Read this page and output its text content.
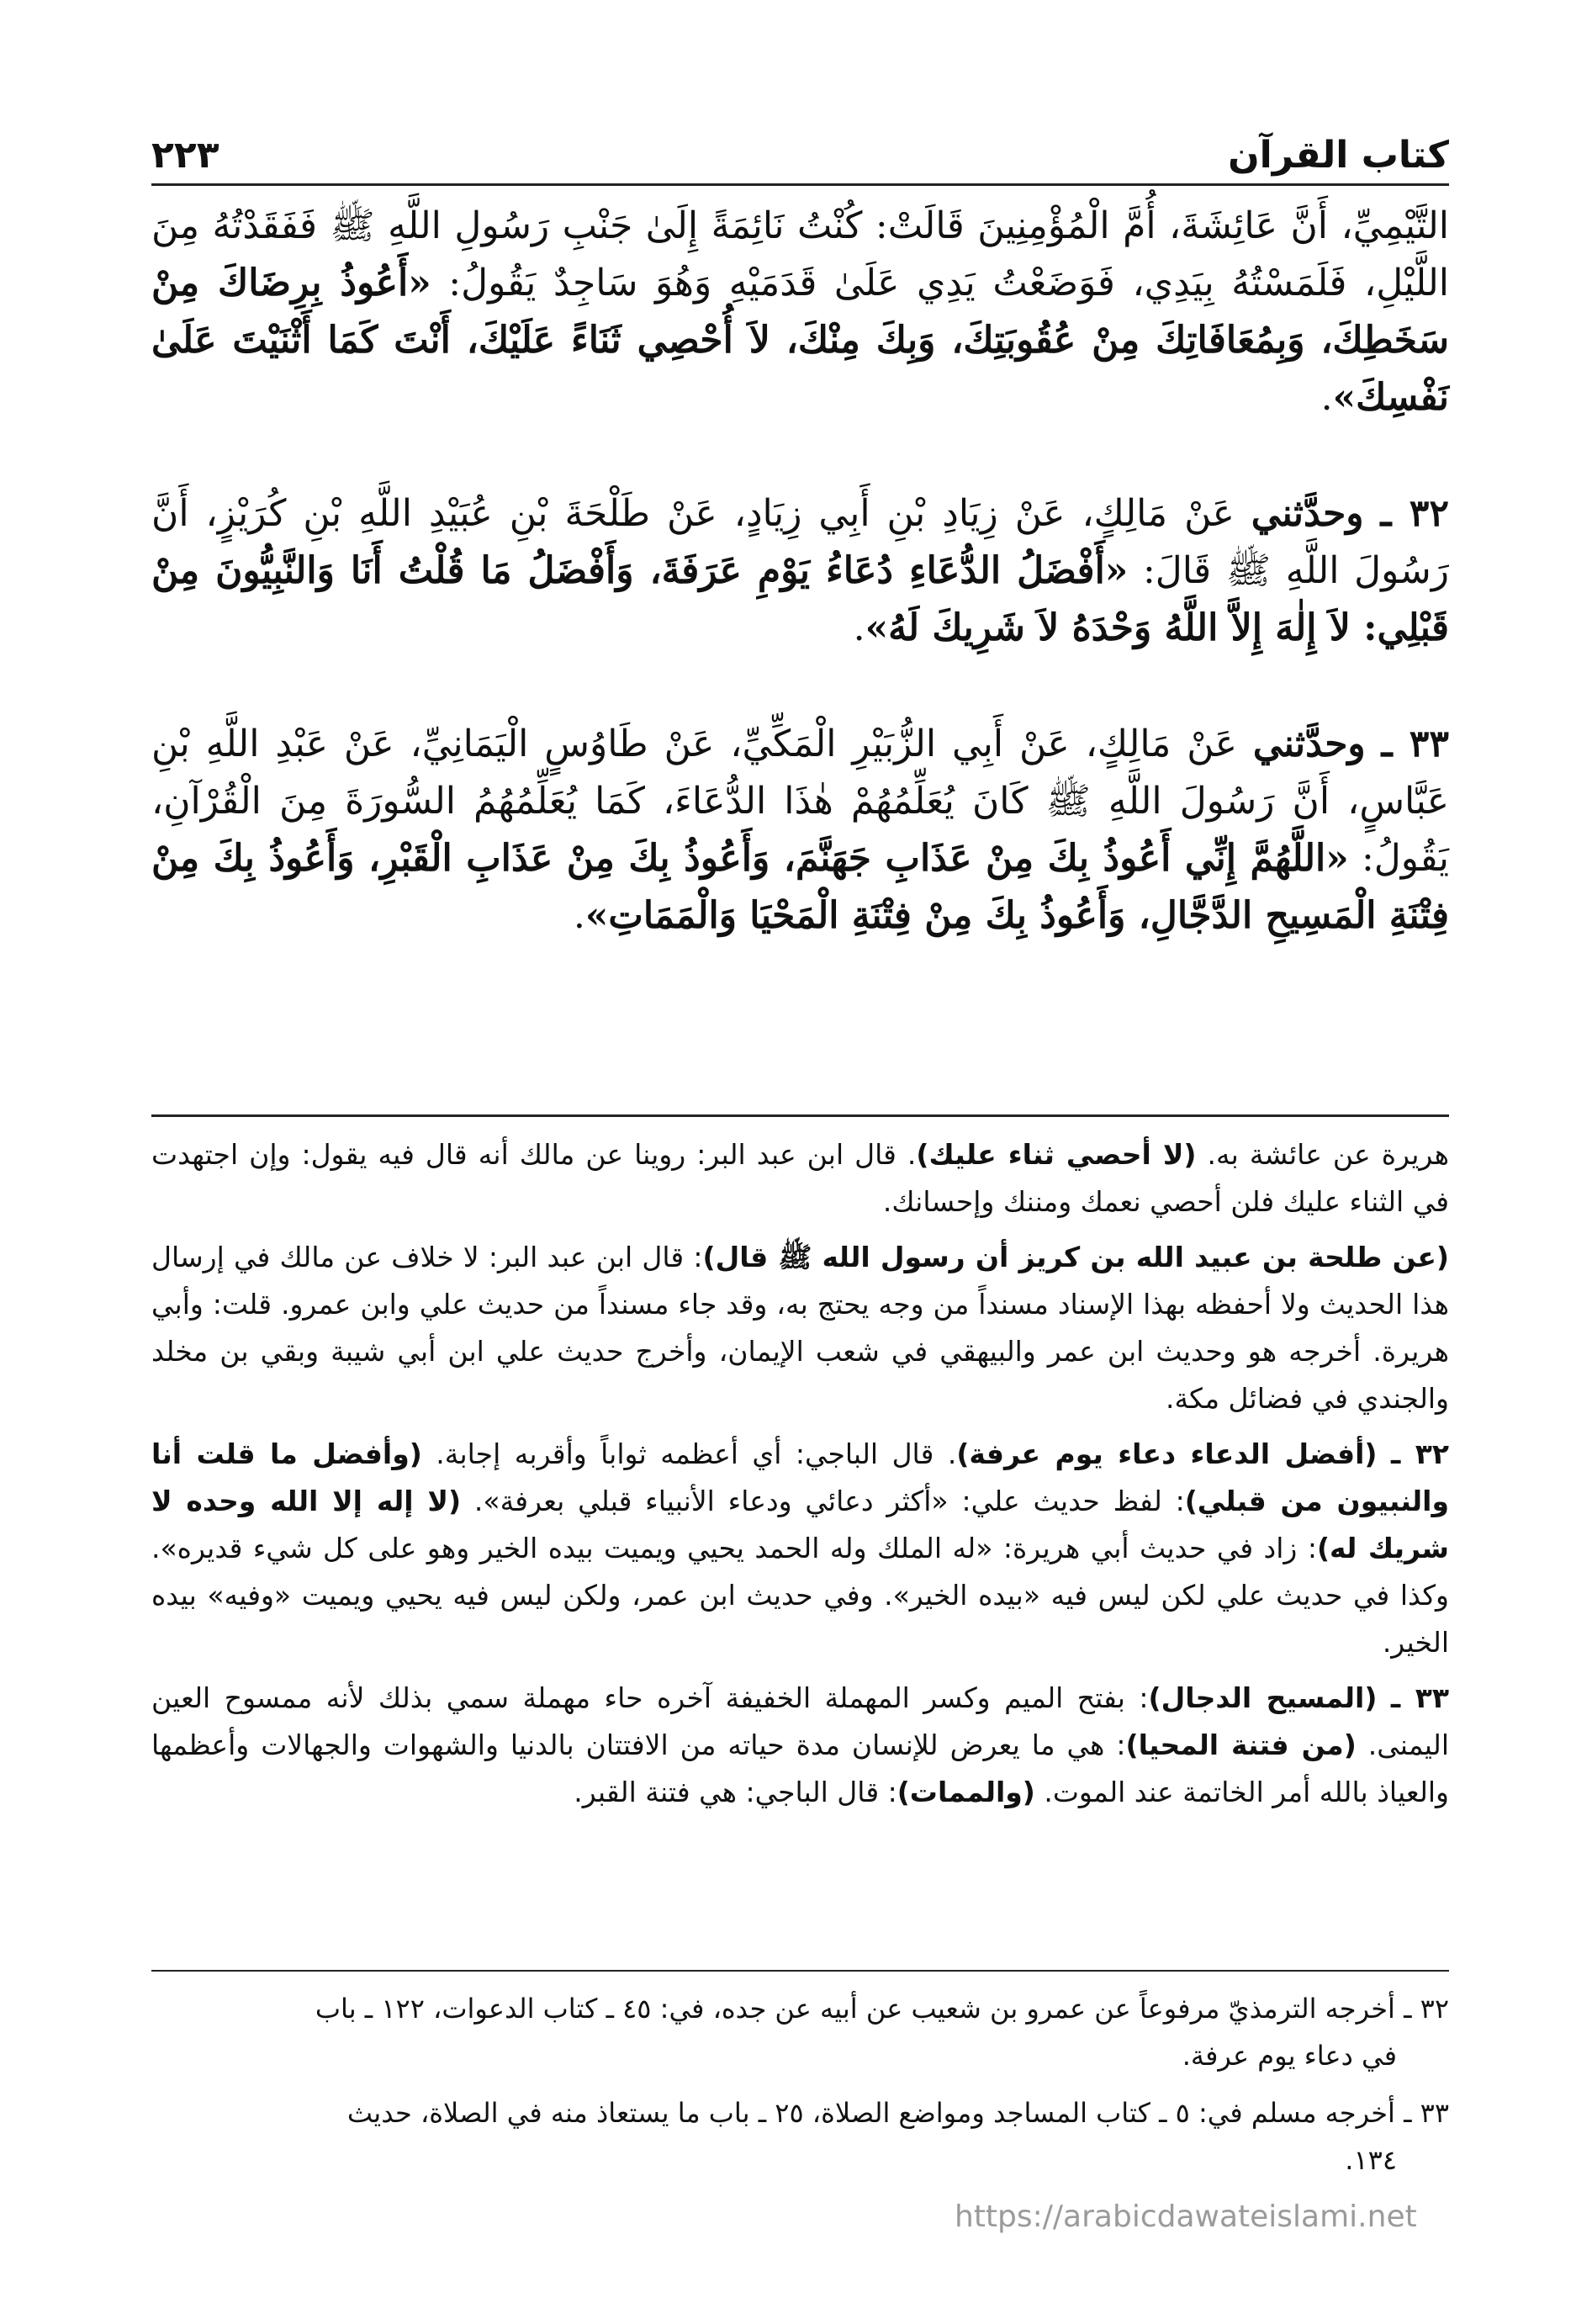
كتاب القرآن
٢٢٣

التَّيْمِيِّ، أَنَّ عَائِشَةَ، أُمَّ الْمُؤْمِنِينَ قَالَتْ: كُنْتُ نَائِمَةً إِلَىٰ جَنْبِ رَسُولِ اللَّهِ ﷺ فَفَقَدْتُهُ مِنَ اللَّيْلِ، فَلَمَسْتُهُ بِيَدِي، فَوَضَعْتُ يَدِي عَلَىٰ قَدَمَيْهِ وَهُوَ سَاجِدٌ يَقُولُ: «أَعُوذُ بِرِضَاكَ مِنْ سَخَطِكَ، وَبِمُعَافَاتِكَ مِنْ عُقُوبَتِكَ، وَبِكَ مِنْكَ، لاَ أُحْصِي ثَنَاءً عَلَيْكَ، أَنْتَ كَمَا أَثْنَيْتَ عَلَىٰ نَفْسِكَ».

٣٢ ـ وحدَّثني عَنْ مَالِكٍ، عَنْ زِيَادِ بْنِ أَبِي زِيَادٍ، عَنْ طَلْحَةَ بْنِ عُبَيْدِ اللَّهِ بْنِ كُرَيْزٍ، أَنَّ رَسُولَ اللَّهِ ﷺ قَالَ: «أَفْضَلُ الدُّعَاءِ دُعَاءُ يَوْمِ عَرَفَةَ، وَأَفْضَلُ مَا قُلْتُ أَنَا وَالنَّبِيُّونَ مِنْ قَبْلِي: لاَ إِلٰهَ إِلاَّ اللَّهُ وَحْدَهُ لاَ شَرِيكَ لَهُ».

٣٣ ـ وحدَّثني عَنْ مَالِكٍ، عَنْ أَبِي الزُّبَيْرِ الْمَكِّيِّ، عَنْ طَاوُسٍ الْيَمَانِيِّ، عَنْ عَبْدِ اللَّهِ بْنِ عَبَّاسٍ، أَنَّ رَسُولَ اللَّهِ ﷺ كَانَ يُعَلِّمُهُمْ هٰذَا الدُّعَاءَ، كَمَا يُعَلِّمُهُمُ السُّورَةَ مِنَ الْقُرْآنِ، يَقُولُ: «اللَّهُمَّ إِنِّي أَعُوذُ بِكَ مِنْ عَذَابِ جَهَنَّمَ، وَأَعُوذُ بِكَ مِنْ عَذَابِ الْقَبْرِ، وَأَعُوذُ بِكَ مِنْ فِتْنَةِ الْمَسِيحِ الدَّجَّالِ، وَأَعُوذُ بِكَ مِنْ فِتْنَةِ الْمَحْيَا وَالْمَمَاتِ».

هريرة عن عائشة به. (لا أحصي ثناء عليك). قال ابن عبد البر: روينا عن مالك أنه قال فيه يقول: وإن اجتهدت في الثناء عليك فلن أحصي نعمك ومننك وإحسانك.

(عن طلحة بن عبيد الله بن كريز أن رسول الله ﷺ قال): قال ابن عبد البر: لا خلاف عن مالك في إرسال هذا الحديث ولا أحفظه بهذا الإسناد مسنداً من وجه يحتج به، وقد جاء مسنداً من حديث علي وابن عمرو. قلت: وأبي هريرة. أخرجه هو وحديث ابن عمر والبيهقي في شعب الإيمان، وأخرج حديث علي ابن أبي شيبة وبقي بن مخلد والجندي في فضائل مكة.

٣٢ ـ (أفضل الدعاء دعاء يوم عرفة). قال الباجي: أي أعظمه ثواباً وأقربه إجابة. (وأفضل ما قلت أنا والنبيون من قبلي): لفظ حديث علي: «أكثر دعائي ودعاء الأنبياء قبلي بعرفة». (لا إله إلا الله وحده لا شريك له): زاد في حديث أبي هريرة: «له الملك وله الحمد يحيي ويميت بيده الخير وهو على كل شيء قديره». وكذا في حديث علي لكن ليس فيه «بيده الخير». وفي حديث ابن عمر، ولكن ليس فيه يحيي ويميت «وفيه» بيده الخير.

٣٣ ـ (المسيح الدجال): بفتح الميم وكسر المهملة الخفيفة آخره حاء مهملة سمي بذلك لأنه ممسوح العين اليمنى. (من فتنة المحيا): هي ما يعرض للإنسان مدة حياته من الافتتان بالدنيا والشهوات والجهالات وأعظمها والعياذ بالله أمر الخاتمة عند الموت. (والممات): قال الباجي: هي فتنة القبر.

٣٢ ـ أخرجه الترمذيّ مرفوعاً عن عمرو بن شعيب عن أبيه عن جده، في: ٤٥ ـ كتاب الدعوات، ١٢٢ ـ باب
في دعاء يوم عرفة.

٣٣ ـ أخرجه مسلم في: ٥ ـ كتاب المساجد ومواضع الصلاة، ٢٥ ـ باب ما يستعاذ منه في الصلاة، حديث
١٣٤.

https://arabicdawateislami.net
